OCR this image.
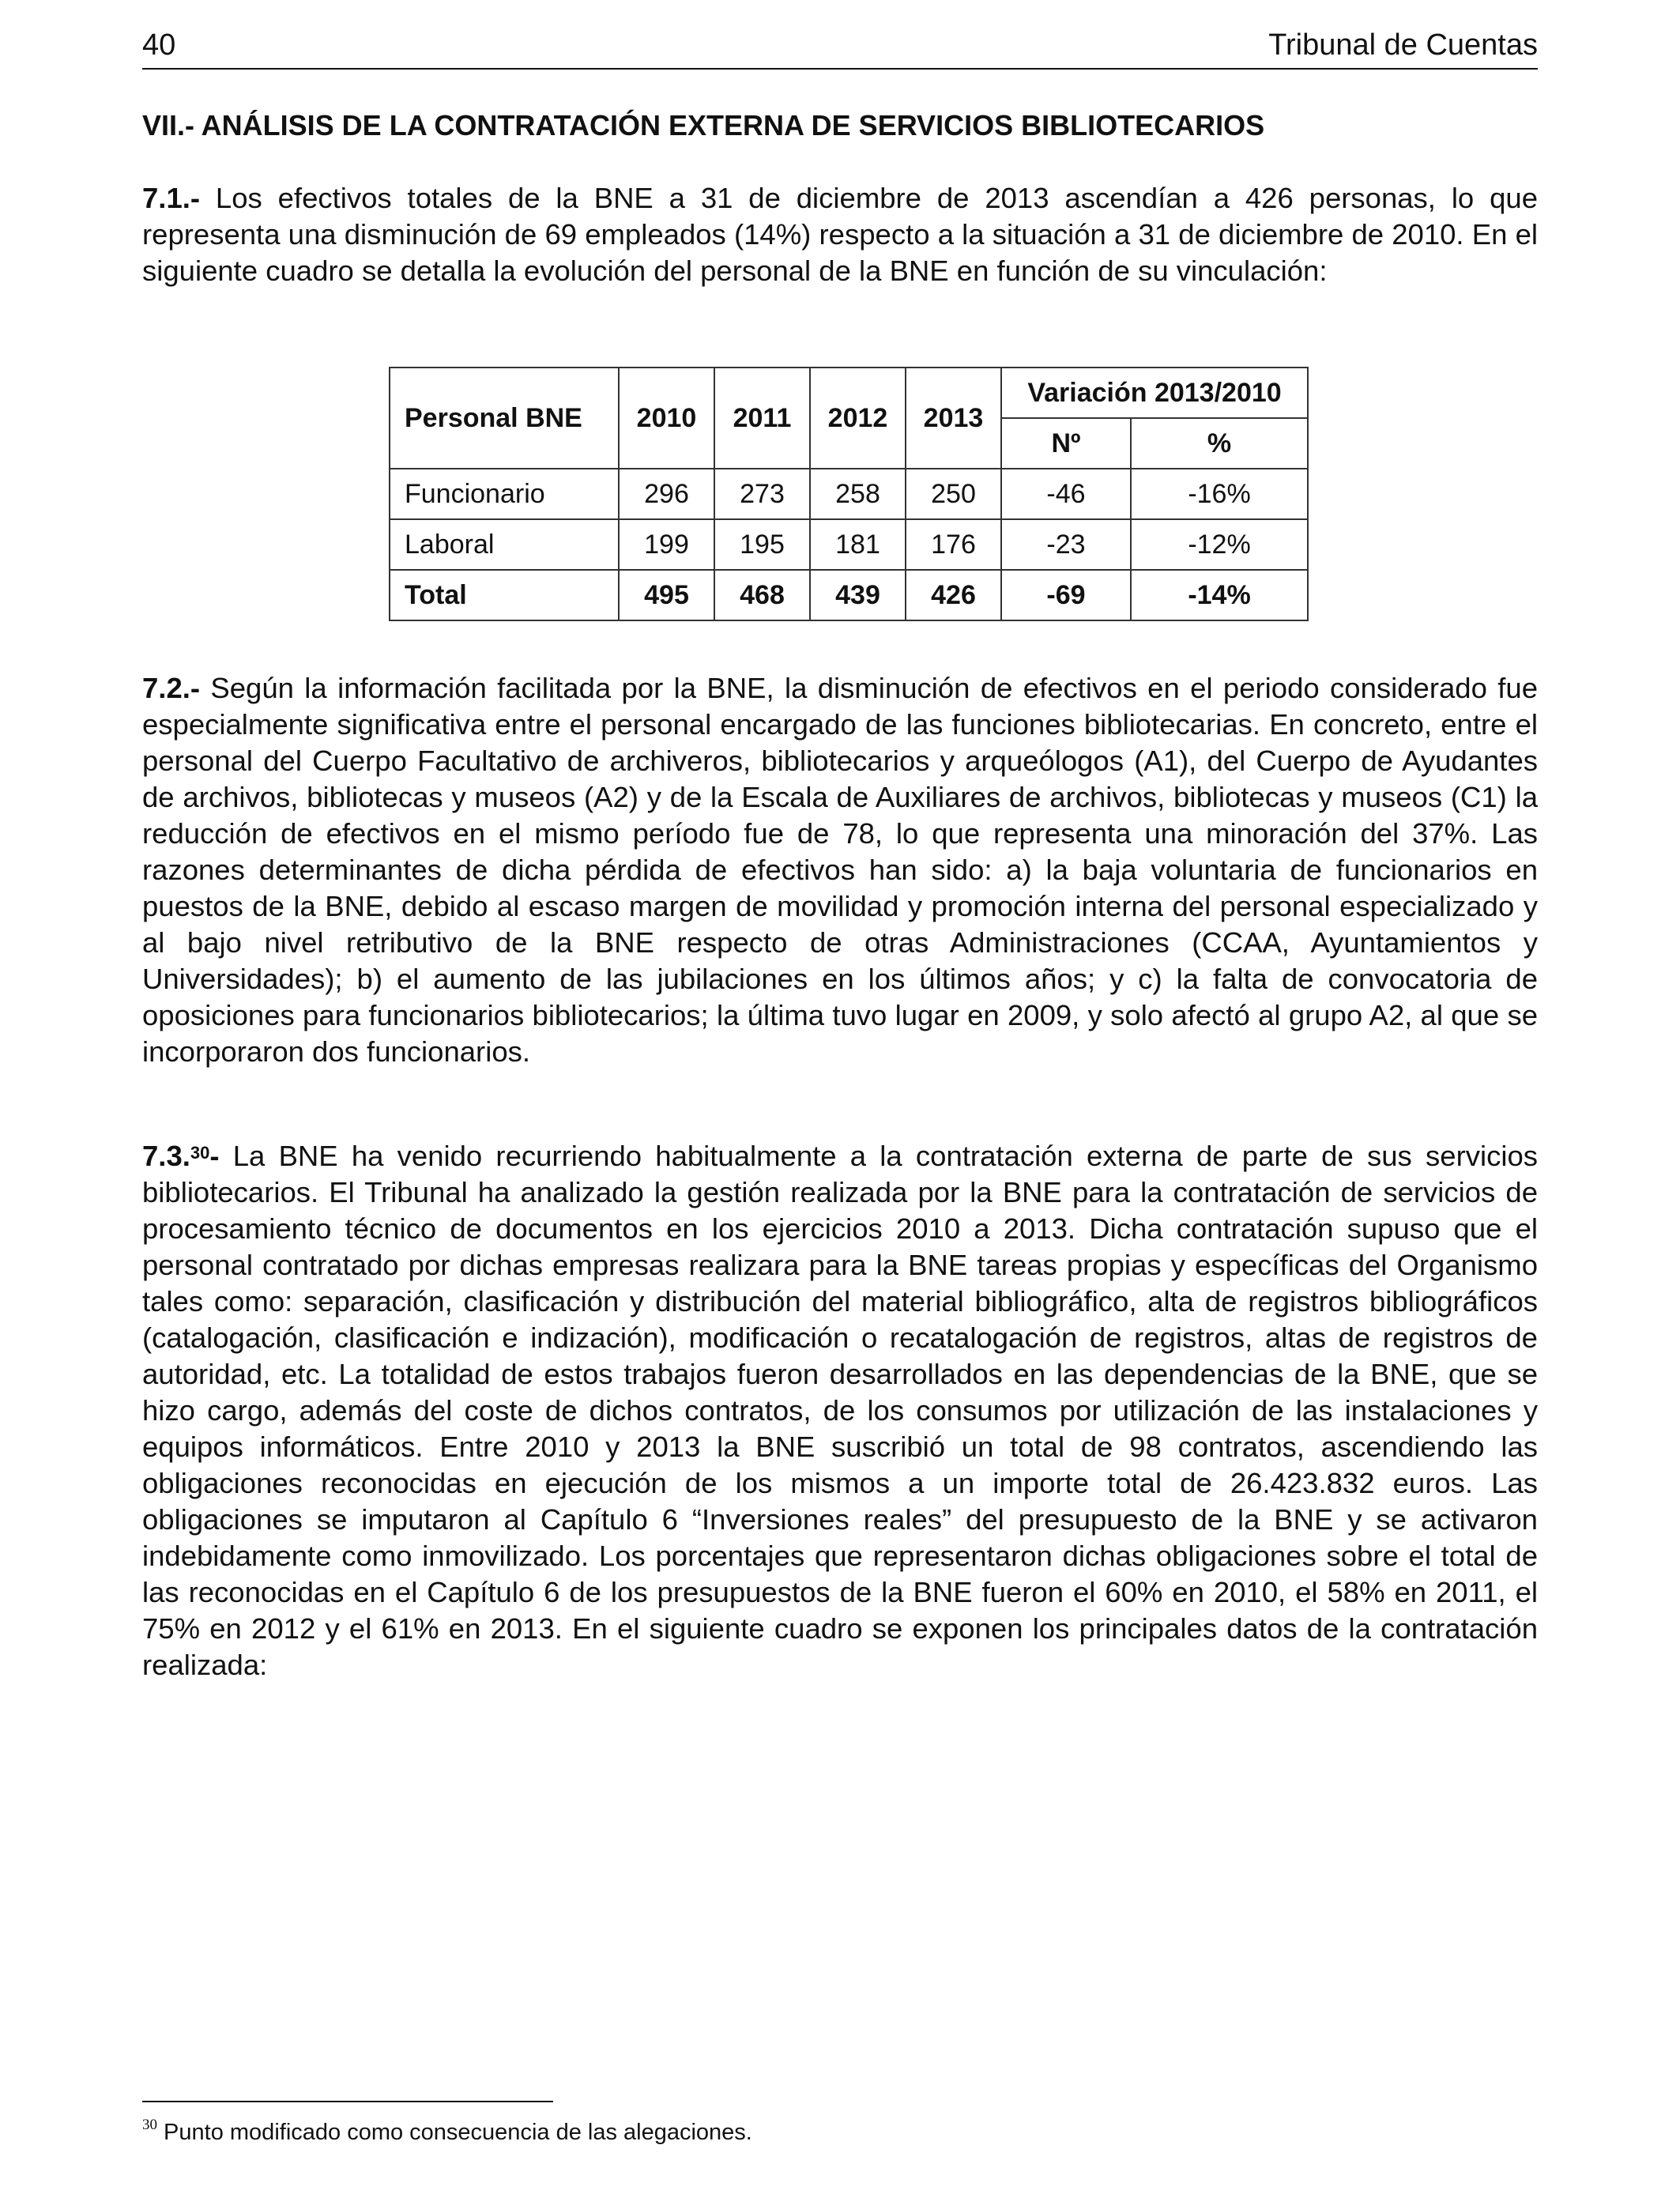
40	Tribunal de Cuentas
VII.- ANÁLISIS DE LA CONTRATACIÓN EXTERNA DE SERVICIOS BIBLIOTECARIOS

7.1.- Los efectivos totales de la BNE a 31 de diciembre de 2013 ascendían a 426 personas, lo que representa una disminución de 69 empleados (14%) respecto a la situación a 31 de diciembre de 2010. En el siguiente cuadro se detalla la evolución del personal de la BNE en función de su vinculación:

Personal BNE	2010	2011	2012	2013	Variación 2013/2010	
					Nº	%
Funcionario	296	273	258	250	-46	-16%
Laboral	199	195	181	176	-23	-12%
Total	495	468	439	426	-69	-14%

7.2.- Según la información facilitada por la BNE, la disminución de efectivos en el periodo considerado fue especialmente significativa entre el personal encargado de las funciones bibliotecarias. En concreto, entre el personal del Cuerpo Facultativo de archiveros, bibliotecarios y arqueólogos (A1), del Cuerpo de Ayudantes de archivos, bibliotecas y museos (A2) y de la Escala de Auxiliares de archivos, bibliotecas y museos (C1) la reducción de efectivos en el mismo período fue de 78, lo que representa una minoración del 37%. Las razones determinantes de dicha pérdida de efectivos han sido: a) la baja voluntaria de funcionarios en puestos de la BNE, debido al escaso margen de movilidad y promoción interna del personal especializado y al bajo nivel retributivo de la BNE respecto de otras Administraciones (CCAA, Ayuntamientos y Universidades); b) el aumento de las jubilaciones en los últimos años; y c) la falta de convocatoria de oposiciones para funcionarios bibliotecarios; la última tuvo lugar en 2009, y solo afectó al grupo A2, al que se incorporaron dos funcionarios.

7.3.30- La BNE ha venido recurriendo habitualmente a la contratación externa de parte de sus servicios bibliotecarios. El Tribunal ha analizado la gestión realizada por la BNE para la contratación de servicios de procesamiento técnico de documentos en los ejercicios 2010 a 2013. Dicha contratación supuso que el personal contratado por dichas empresas realizara para la BNE tareas propias y específicas del Organismo tales como: separación, clasificación y distribución del material bibliográfico, alta de registros bibliográficos (catalogación, clasificación e indización), modificación o recatalogación de registros, altas de registros de autoridad, etc. La totalidad de estos trabajos fueron desarrollados en las dependencias de la BNE, que se hizo cargo, además del coste de dichos contratos, de los consumos por utilización de las instalaciones y equipos informáticos. Entre 2010 y 2013 la BNE suscribió un total de 98 contratos, ascendiendo las obligaciones reconocidas en ejecución de los mismos a un importe total de 26.423.832 euros. Las obligaciones se imputaron al Capítulo 6 “Inversiones reales” del presupuesto de la BNE y se activaron indebidamente como inmovilizado. Los porcentajes que representaron dichas obligaciones sobre el total de las reconocidas en el Capítulo 6 de los presupuestos de la BNE fueron el 60% en 2010, el 58% en 2011, el 75% en 2012 y el 61% en 2013. En el siguiente cuadro se exponen los principales datos de la contratación realizada:

$^{30}$ Punto modificado como consecuencia de las alegaciones.
